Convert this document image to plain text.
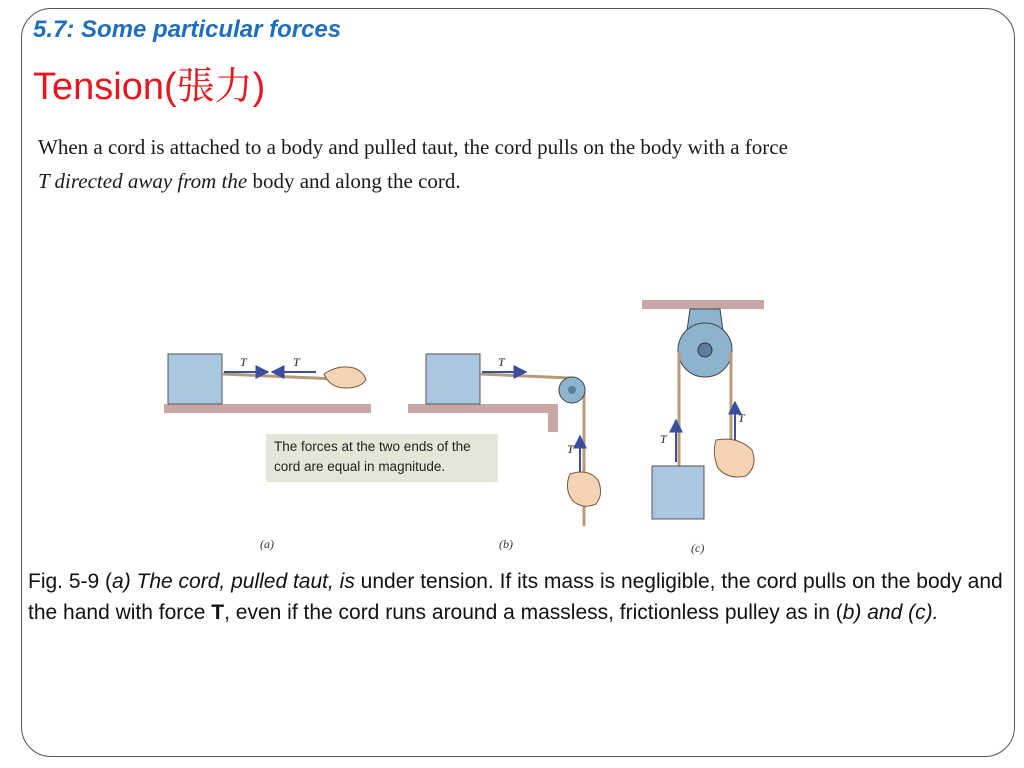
5.7: Some particular forces
Tension(張力)
When a cord is attached to a body and pulled taut, the cord pulls on the body with a force
T directed away from the body and along the cord.
T	T	T
T
T
T
(a)	(b)	(c)
The forces at the two ends of the cord are equal in magnitude.
Fig. 5-9 (a) The cord, pulled taut, is under tension. If its mass is negligible, the cord pulls on the body and the hand with force T, even if the cord runs around a massless, frictionless pulley as in (b) and (c).
